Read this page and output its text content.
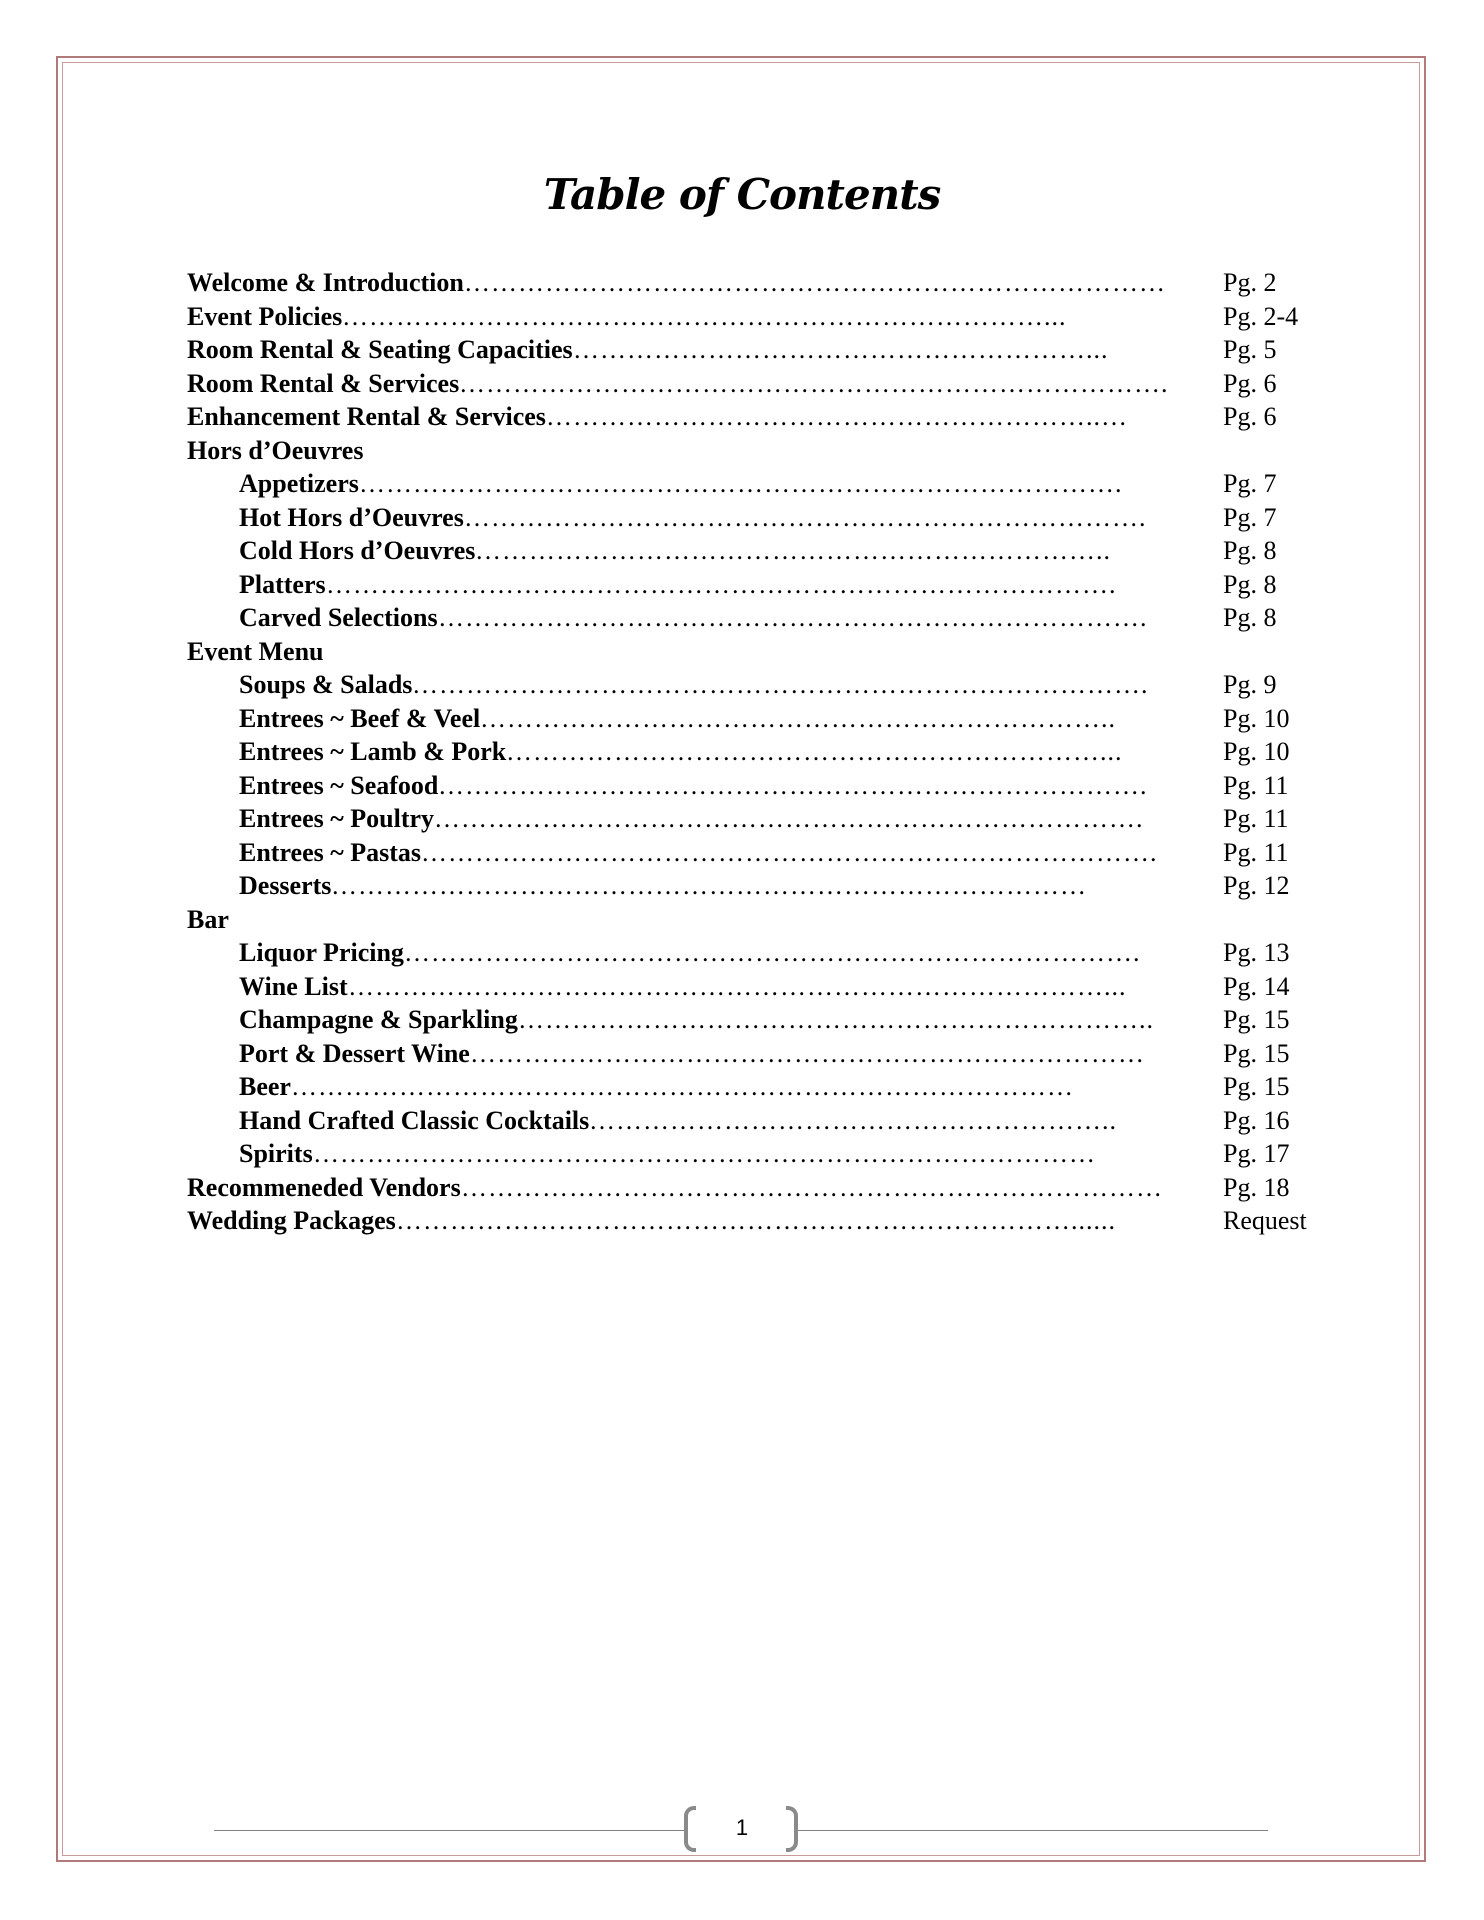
Table of Contents
Welcome & Introduction ……………………………………………………………………	Pg. 2
Event Policies ……………………………………………………………………...	Pg. 2-4
Room Rental & Seating Capacities …………………………………………………...	Pg. 5
Room Rental & Services …………………………………………………………………….	Pg. 6
Enhancement Rental & Services ……………………………………………………..…	Pg. 6
Hors d’Oeuvres
Appetizers ………………………………………………………………………….	Pg. 7
Hot Hors d’Oeuvres ………………………………………………………………….	Pg. 7
Cold Hors d’Oeuvres ……………………………………………………………..	Pg. 8
Platters …………………………………………………………………………….	Pg. 8
Carved Selections …………………………………………………………………….	Pg. 8
Event Menu
Soups & Salads ……………………………………………………………………….	Pg. 9
Entrees ~ Beef & Veel ……………………………………………………………..	Pg. 10
Entrees ~ Lamb & Pork …………………………………………………………...	Pg. 10
Entrees ~ Seafood …………………………………………………………………….	Pg. 11
Entrees ~ Poultry …………………………………………………………………….	Pg. 11
Entrees ~ Pastas ……………………………………………………………………….	Pg. 11
Desserts …………………………………………………………………………	Pg. 12
Bar
Liquor Pricing ……………………………………………………………………….	Pg. 13
Wine List …………………………………………………………………………...	Pg. 14
Champagne & Sparkling ……………………………………………………………..	Pg. 15
Port & Dessert Wine …………………………………………………………………	Pg. 15
Beer ……………………………………………………………………………	Pg. 15
Hand Crafted Classic Cocktails …………………………………………………..	Pg. 16
Spirits ……………………………………………………………………………	Pg. 17
Recommeneded Vendors ……………………………………………………………………	Pg. 18
Wedding Packages …………………………………………………………………......	Request
1
